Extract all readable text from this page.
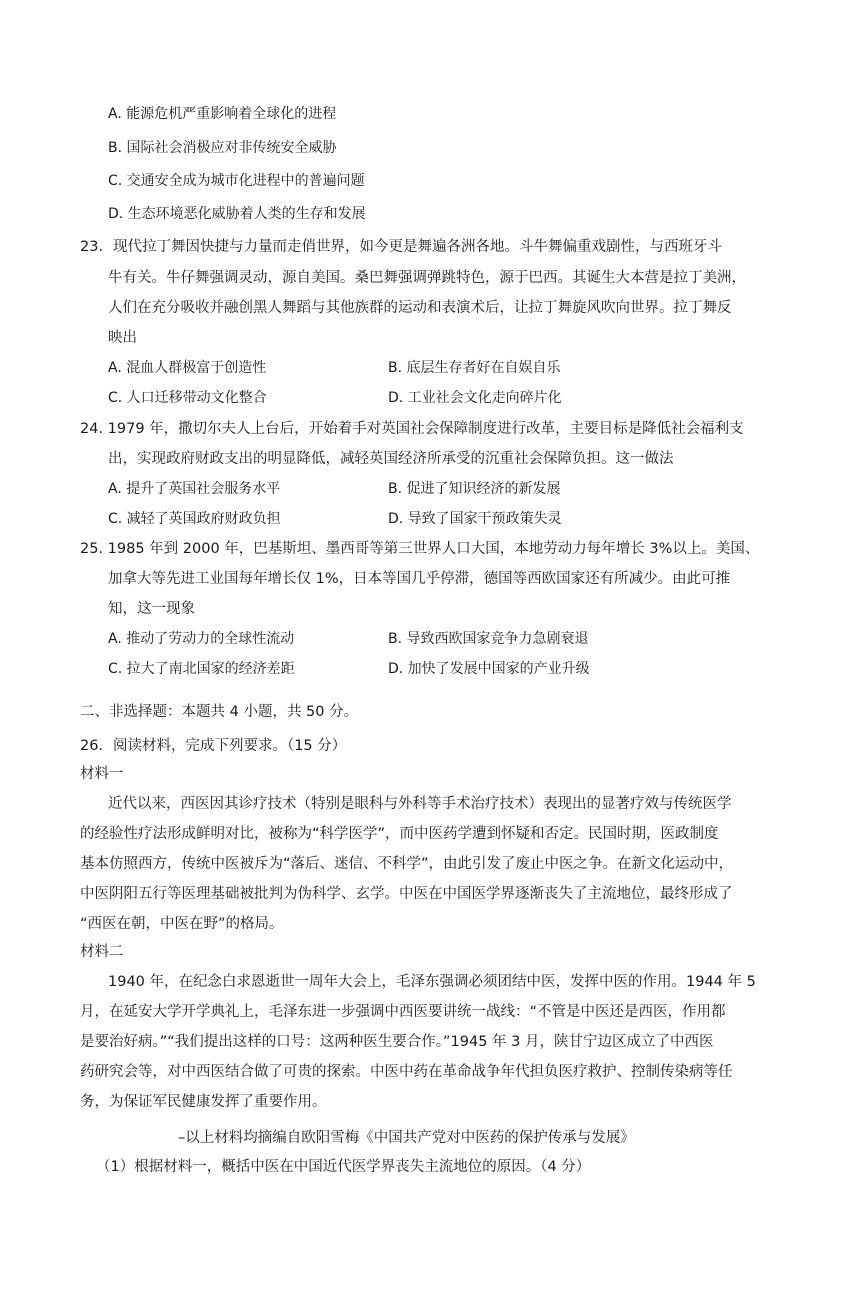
A. 能源危机严重影响着全球化的进程
B. 国际社会消极应对非传统安全威胁
C. 交通安全成为城市化进程中的普遍问题
D. 生态环境恶化威胁着人类的生存和发展
23．现代拉丁舞因快捷与力量而走俏世界，如今更是舞遍各洲各地。斗牛舞偏重戏剧性，与西班牙斗
牛有关。牛仔舞强调灵动，源自美国。桑巴舞强调弹跳特色，源于巴西。其诞生大本营是拉丁美洲，
人们在充分吸收并融创黑人舞蹈与其他族群的运动和表演术后，让拉丁舞旋风吹向世界。拉丁舞反
映出
A. 混血人群极富于创造性	B. 底层生存者好在自娱自乐
C. 人口迁移带动文化整合	D. 工业社会文化走向碎片化
24. 1979 年，撒切尔夫人上台后，开始着手对英国社会保障制度进行改革，主要目标是降低社会福利支
出，实现政府财政支出的明显降低，减轻英国经济所承受的沉重社会保障负担。这一做法
A. 提升了英国社会服务水平	B. 促进了知识经济的新发展
C. 减轻了英国政府财政负担	D. 导致了国家干预政策失灵
25. 1985 年到 2000 年，巴基斯坦、墨西哥等第三世界人口大国，本地劳动力每年增长 3%以上。美国、
加拿大等先进工业国每年增长仅 1%，日本等国几乎停滞，德国等西欧国家还有所减少。由此可推
知，这一现象
A. 推动了劳动力的全球性流动	B. 导致西欧国家竞争力急剧衰退
C. 拉大了南北国家的经济差距	D. 加快了发展中国家的产业升级
二、非选择题：本题共 4 小题，共 50 分。
26．阅读材料，完成下列要求。（15 分）
材料一
近代以来，西医因其诊疗技术（特别是眼科与外科等手术治疗技术）表现出的显著疗效与传统医学
的经验性疗法形成鲜明对比，被称为“科学医学”，而中医药学遭到怀疑和否定。民国时期，医政制度
基本仿照西方，传统中医被斥为“落后、迷信、不科学”，由此引发了废止中医之争。在新文化运动中，
中医阴阳五行等医理基础被批判为伪科学、玄学。中医在中国医学界逐渐丧失了主流地位，最终形成了
“西医在朝，中医在野”的格局。
材料二
1940 年，在纪念白求恩逝世一周年大会上，毛泽东强调必须团结中医，发挥中医的作用。1944 年 5
月，在延安大学开学典礼上，毛泽东进一步强调中西医要讲统一战线：“不管是中医还是西医，作用都
是要治好病。”“我们提出这样的口号：这两种医生要合作。”1945 年 3 月，陕甘宁边区成立了中西医
药研究会等，对中西医结合做了可贵的探索。中医中药在革命战争年代担负医疗救护、控制传染病等任
务，为保证军民健康发挥了重要作用。
–以上材料均摘编自欧阳雪梅《中国共产党对中医药的保护传承与发展》
（1）根据材料一，概括中医在中国近代医学界丧失主流地位的原因。（4 分）
